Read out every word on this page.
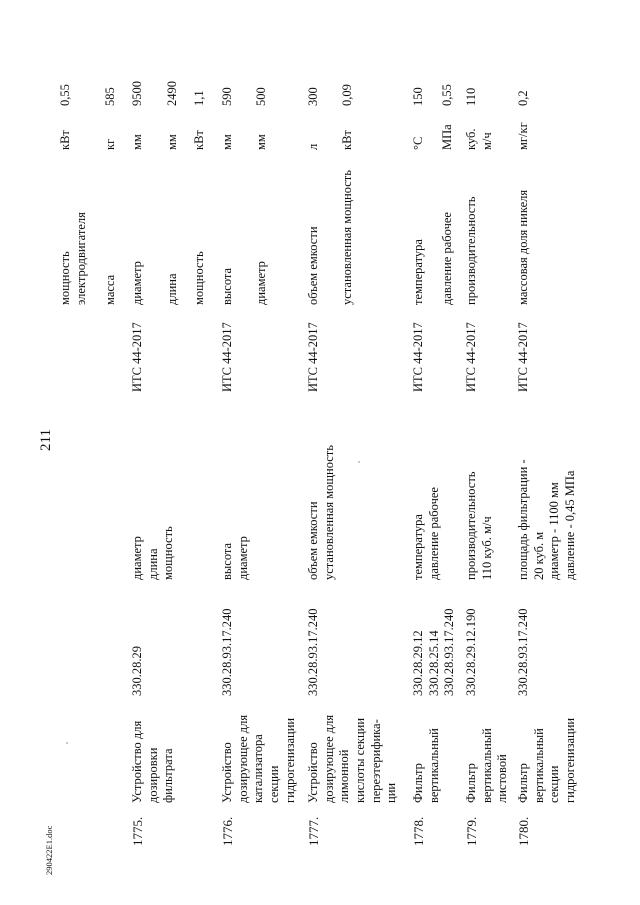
211
290422E1.doc	1775.
Устройство для
дозировки
фильтрата
330.28.29
диаметр
длина
мощность
1776.
Устройство
дозирующее для
катализатора
секции
гидрогенизации
330.28.93.17.240
высота
диаметр
1777.
Устройство
дозирующее для
лимонной
кислоты секции
переэтерифика-
ции
330.28.93.17.240
объем емкости
установленная мощность
1778.
Фильтр
вертикальный
330.28.29.12
330.28.25.14
330.28.93.17.240
температура
давление рабочее
1779.
Фильтр
вертикальный
листовой
330.28.29.12.190
производительность
110 куб. м/ч
1780.
Фильтр
вертикальный
секции
гидрогенизации
330.28.93.17.240
площадь фильтрации -
20 куб. м
диаметр - 1100 мм
давление - 0,45 МПа
мощность
электродвигателя
кВт
0,55
масса
кг
585
ИТС 44-2017
диаметр
мм
9500
длина
мм
2490
мощность
кВт
1,1
ИТС 44-2017
высота
мм
590
диаметр
мм
500
ИТС 44-2017
объем емкости
л
300
установленная мощность
кВт
0,09
ИТС 44-2017
температура
°C
150
давление рабочее
МПа
0,55
ИТС 44-2017
производительность
куб.
м/ч
110
ИТС 44-2017
массовая доля никеля
мг/кг
0,2
